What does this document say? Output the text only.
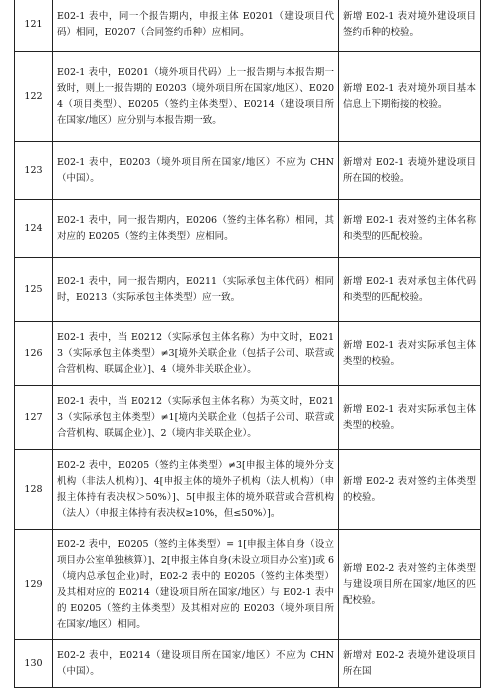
121	E02-1 表中，同一个报告期内，申报主体 E0201（建设项目代码）相同，E0207（合同签约币种）应相同。	新增 E02-1 表对境外建设项目签约币种的校验。
122	E02-1 表中，E0201（境外项目代码）上一报告期与本报告期一致时，则上一报告期的 E0203（境外项目所在国家/地区）、E0204（项目类型）、E0205（签约主体类型）、E0214（建设项目所在国家/地区）应分别与本报告期一致。	新增 E02-1 表对境外项目基本信息上下期衔接的校验。
123	E02-1 表中，E0203（境外项目所在国家/地区）不应为 CHN（中国）。	新增对 E02-1 表境外建设项目所在国的校验。
124	E02-1 表中，同一报告期内，E0206（签约主体名称）相同，其对应的 E0205（签约主体类型）应相同。	新增 E02-1 表对签约主体名称和类型的匹配校验。
125	E02-1 表中，同一报告期内，E0211（实际承包主体代码）相同时，E0213（实际承包主体类型）应一致。	新增 E02-1 表对承包主体代码和类型的匹配校验。
126	E02-1 表中，当 E0212（实际承包主体名称）为中文时，E0213（实际承包主体类型）≠3[境外关联企业（包括子公司、联营或合营机构、联属企业）]、4（境外非关联企业）。	新增 E02-1 表对实际承包主体类型的校验。
127	E02-1 表中，当 E0212（实际承包主体名称）为英文时，E0213（实际承包主体类型）≠1[境内关联企业（包括子公司、联营或合营机构、联属企业）]、2（境内非关联企业）。	新增 E02-1 表对实际承包主体类型的校验。
128	E02-2 表中，E0205（签约主体类型）≠3[申报主体的境外分支机构（非法人机构）]、4[申报主体的境外子机构（法人机构）（申报主体持有表决权＞50%）]、5[申报主体的境外联营或合营机构（法人）（申报主体持有表决权≥10%，但≤50%）]。	新增 E02-2 表对签约主体类型的校验。
129	E02-2 表中，E0205（签约主体类型）= 1[申报主体自身（设立项目办公室单独核算）]、2[申报主体自身(未设立项目办公室)]或 6（境内总承包企业)时，E02-2 表中的 E0205（签约主体类型）及其相对应的 E0214（建设项目所在国家/地区）与 E02-1 表中的 E0205（签约主体类型）及其相对应的 E0203（境外项目所在国家/地区）相同。	新增 E02-2 表对签约主体类型与建设项目所在国家/地区的匹配校验。
130	E02-2 表中，E0214（建设项目所在国家/地区）不应为 CHN（中国）。	新增对 E02-2 表境外建设项目所在国
